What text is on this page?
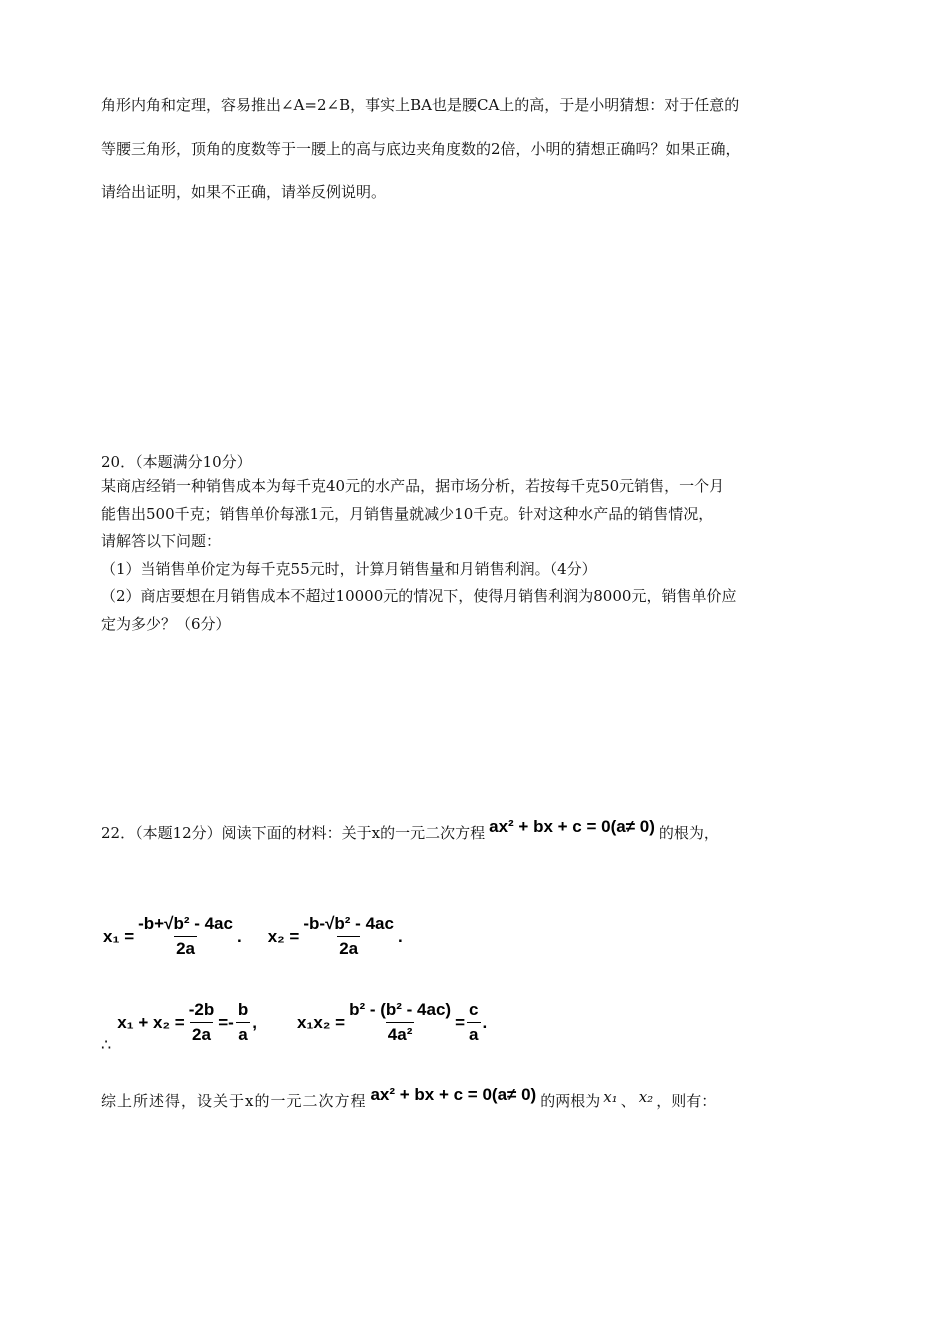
角形内角和定理，容易推出∠A=2∠B，事实上BA也是腰CA上的高，于是小明猜想：对于任意的
等腰三角形，顶角的度数等于一腰上的高与底边夹角度数的2倍，小明的猜想正确吗？如果正确，
请给出证明，如果不正确，请举反例说明。
20．（本题满分10分）
某商店经销一种销售成本为每千克40元的水产品，据市场分析，若按每千克50元销售，一个月
能售出500千克；销售单价每涨1元，月销售量就减少10千克。针对这种水产品的销售情况，
请解答以下问题：
（1）当销售单价定为每千克55元时，计算月销售量和月销售利润。（4分）
（2）商店要想在月销售成本不超过10000元的情况下，使得月销售利润为8000元，销售单价应
定为多少？（6分）
22．（本题12分）阅读下面的材料：关于x的一元二次方程 ax² + bx + c = 0(a≠ 0) 的根为，
$x_1 = \frac{\text{-b+√b² - 4ac}}{2a}$ . $x_2 = \frac{\text{-b-√b² - 4ac}}{2a}$ .
∴
$x_1 + x_2 = \frac{-2b}{2a} =- \frac{b}{a}$ , $x_1x_2 = \frac{\text{b² - (b² - 4ac)}}{\text{4a²}} = \frac{c}{a}$ .
综上所述得，设关于x的一元二次方程 ax² + bx + c = 0(a≠ 0) 的两根为 x₁ 、 x₂ ，则有：
